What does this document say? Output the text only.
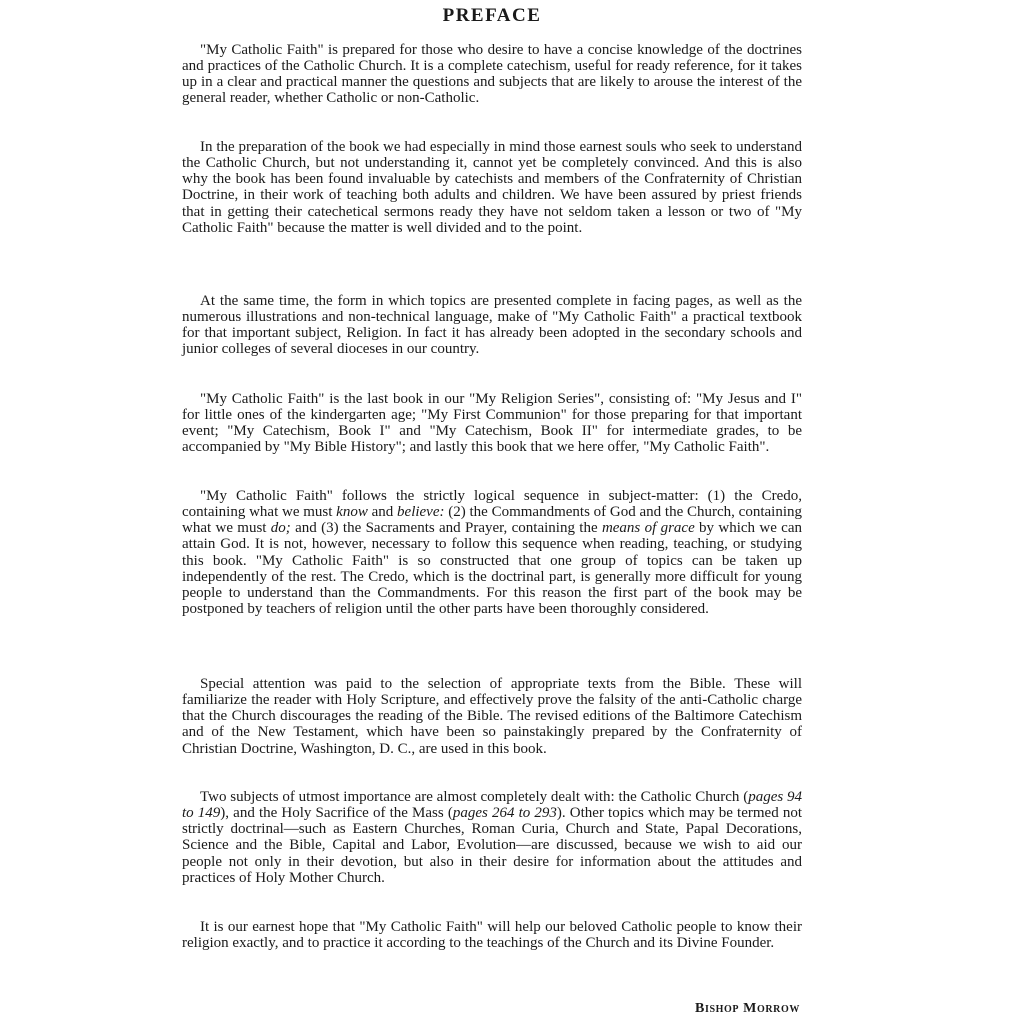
PREFACE

"My Catholic Faith" is prepared for those who desire to have a concise knowledge of the doctrines and practices of the Catholic Church. It is a complete catechism, useful for ready reference, for it takes up in a clear and practical manner the questions and subjects that are likely to arouse the interest of the general reader, whether Catholic or non-Catholic.

In the preparation of the book we had especially in mind those earnest souls who seek to understand the Catholic Church, but not understanding it, cannot yet be completely convinced. And this is also why the book has been found invaluable by catechists and members of the Confraternity of Christian Doctrine, in their work of teaching both adults and children. We have been assured by priest friends that in getting their catechetical sermons ready they have not seldom taken a lesson or two of "My Catholic Faith" because the matter is well divided and to the point.

At the same time, the form in which topics are presented complete in facing pages, as well as the numerous illustrations and non-technical language, make of "My Catholic Faith" a practical textbook for that important subject, Religion. In fact it has already been adopted in the secondary schools and junior colleges of several dioceses in our country.

"My Catholic Faith" is the last book in our "My Religion Series", consisting of: "My Jesus and I" for little ones of the kindergarten age; "My First Communion" for those preparing for that important event; "My Catechism, Book I" and "My Catechism, Book II" for intermediate grades, to be accompanied by "My Bible History"; and lastly this book that we here offer, "My Catholic Faith".

"My Catholic Faith" follows the strictly logical sequence in subject-matter: (1) the Credo, containing what we must know and believe: (2) the Commandments of God and the Church, containing what we must do; and (3) the Sacraments and Prayer, containing the means of grace by which we can attain God. It is not, however, necessary to follow this sequence when reading, teaching, or studying this book. "My Catholic Faith" is so constructed that one group of topics can be taken up independently of the rest. The Credo, which is the doctrinal part, is generally more difficult for young people to understand than the Commandments. For this reason the first part of the book may be postponed by teachers of religion until the other parts have been thoroughly considered.

Special attention was paid to the selection of appropriate texts from the Bible. These will familiarize the reader with Holy Scripture, and effectively prove the falsity of the anti-Catholic charge that the Church discourages the reading of the Bible. The revised editions of the Baltimore Catechism and of the New Testament, which have been so painstakingly prepared by the Confraternity of Christian Doctrine, Washington, D. C., are used in this book.

Two subjects of utmost importance are almost completely dealt with: the Catholic Church (pages 94 to 149), and the Holy Sacrifice of the Mass (pages 264 to 293). Other topics which may be termed not strictly doctrinal—such as Eastern Churches, Roman Curia, Church and State, Papal Decorations, Science and the Bible, Capital and Labor, Evolution—are discussed, because we wish to aid our people not only in their devotion, but also in their desire for information about the attitudes and practices of Holy Mother Church.

It is our earnest hope that "My Catholic Faith" will help our beloved Catholic people to know their religion exactly, and to practice it according to the teachings of the Church and its Divine Founder.

Bishop Morrow
